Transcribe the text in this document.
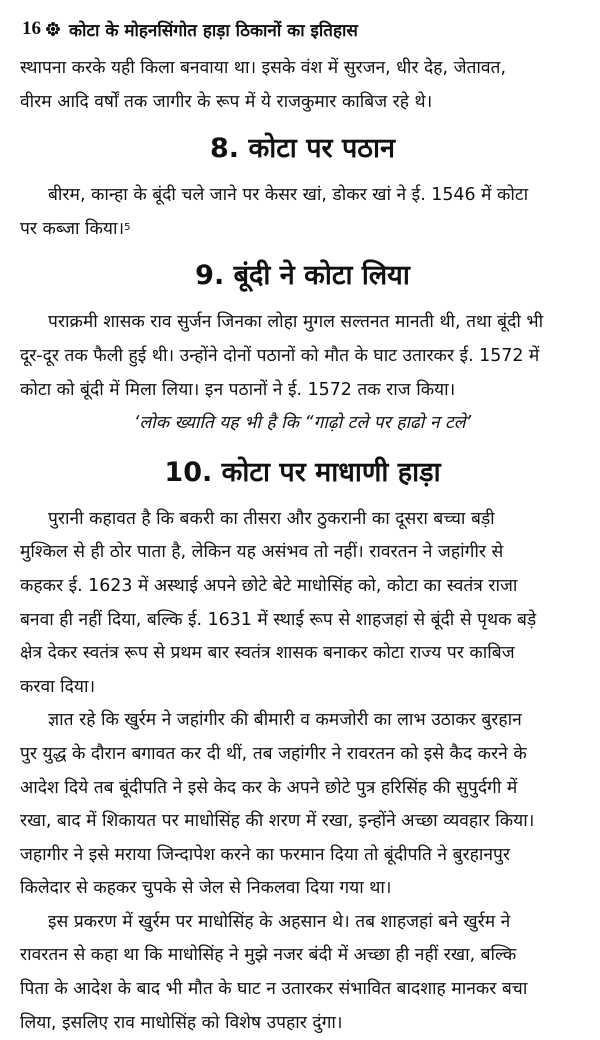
16 कोटा के मोहनसिंगोत हाड़ा ठिकानों का इतिहास

स्थापना करके यही किला बनवाया था। इसके वंश में सुरजन, धीर देह, जेतावत,
वीरम आदि वर्षों तक जागीर के रूप में ये राजकुमार काबिज रहे थे।

8. कोटा पर पठान

बीरम, कान्हा के बूंदी चले जाने पर केसर खां, डोकर खां ने ई. 1546 में कोटा
पर कब्जा किया।$^5$

9. बूंदी ने कोटा लिया

पराक्रमी शासक राव सुर्जन जिनका लोहा मुगल सल्तनत मानती थी, तथा बूंदी भी
दूर-दूर तक फैली हुई थी। उन्होंने दोनों पठानों को मौत के घाट उतारकर ई. 1572 में
कोटा को बूंदी में मिला लिया। इन पठानों ने ई. 1572 तक राज किया।

‘लोक ख्याति यह भी है कि “गाढ़ो टले पर हाढो न टले’

10. कोटा पर माधाणी हाड़ा

पुरानी कहावत है कि बकरी का तीसरा और ठुकरानी का दूसरा बच्चा बड़ी
मुश्किल से ही ठोर पाता है, लेकिन यह असंभव तो नहीं। रावरतन ने जहांगीर से
कहकर ई. 1623 में अस्थाई अपने छोटे बेटे माधोसिंह को, कोटा का स्वतंत्र राजा
बनवा ही नहीं दिया, बल्कि ई. 1631 में स्थाई रूप से शाहजहां से बूंदी से पृथक बड़े
क्षेत्र देकर स्वतंत्र रूप से प्रथम बार स्वतंत्र शासक बनाकर कोटा राज्य पर काबिज
करवा दिया।

ज्ञात रहे कि खुर्रम ने जहांगीर की बीमारी व कमजोरी का लाभ उठाकर बुरहान
पुर युद्ध के दौरान बगावत कर दी थीं, तब जहांगीर ने रावरतन को इसे कैद करने के
आदेश दिये तब बूंदीपति ने इसे केद कर के अपने छोटे पुत्र हरिसिंह की सुपुर्दगी में
रखा, बाद में शिकायत पर माधोसिंह की शरण में रखा, इन्होंने अच्छा व्यवहार किया।
जहागीर ने इसे मराया जिन्दापेश करने का फरमान दिया तो बूंदीपति ने बुरहानपुर
किलेदार से कहकर चुपके से जेल से निकलवा दिया गया था।

इस प्रकरण में खुर्रम पर माधोसिंह के अहसान थे। तब शाहजहां बने खुर्रम ने
रावरतन से कहा था कि माधोसिंह ने मुझे नजर बंदी में अच्छा ही नहीं रखा, बल्कि
पिता के आदेश के बाद भी मौत के घाट न उतारकर संभावित बादशाह मानकर बचा
लिया, इसलिए राव माधोसिंह को विशेष उपहार दुंगा।
